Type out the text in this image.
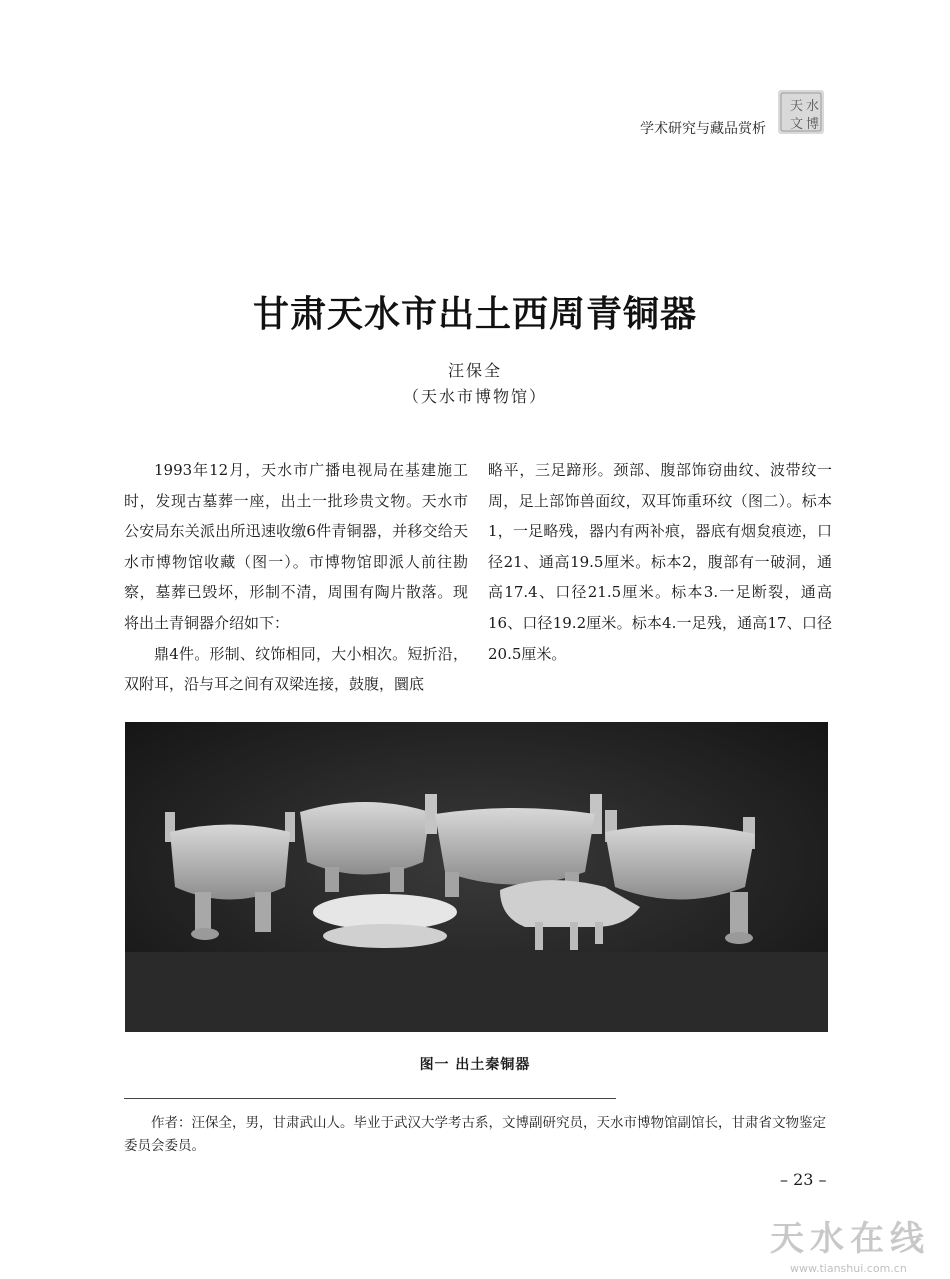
学术研究与藏品赏析
天 水
文 博
甘肃天水市出土西周青铜器
汪保全
（天水市博物馆）

1993年12月，天水市广播电视局在基建施工时，发现古墓葬一座，出土一批珍贵文物。天水市公安局东关派出所迅速收缴6件青铜器，并移交给天水市博物馆收藏（图一）。市博物馆即派人前往勘察，墓葬已毁坏，形制不清，周围有陶片散落。现将出土青铜器介绍如下：

鼎4件。形制、纹饰相同，大小相次。短折沿，双附耳，沿与耳之间有双梁连接，鼓腹，圜底

略平，三足蹄形。颈部、腹部饰窃曲纹、波带纹一周，足上部饰兽面纹，双耳饰重环纹（图二）。标本1，一足略残，器内有两补痕，器底有烟炱痕迹，口径21、通高19.5厘米。标本2，腹部有一破洞，通高17.4、口径21.5厘米。标本3.一足断裂，通高16、口径19.2厘米。标本4.一足残，通高17、口径20.5厘米。

图一 出土秦铜器
作者：汪保全，男，甘肃武山人。毕业于武汉大学考古系，文博副研究员，天水市博物馆副馆长，甘肃省文物鉴定委员会委员。
– 23 –
天水在线
www.tianshui.com.cn
